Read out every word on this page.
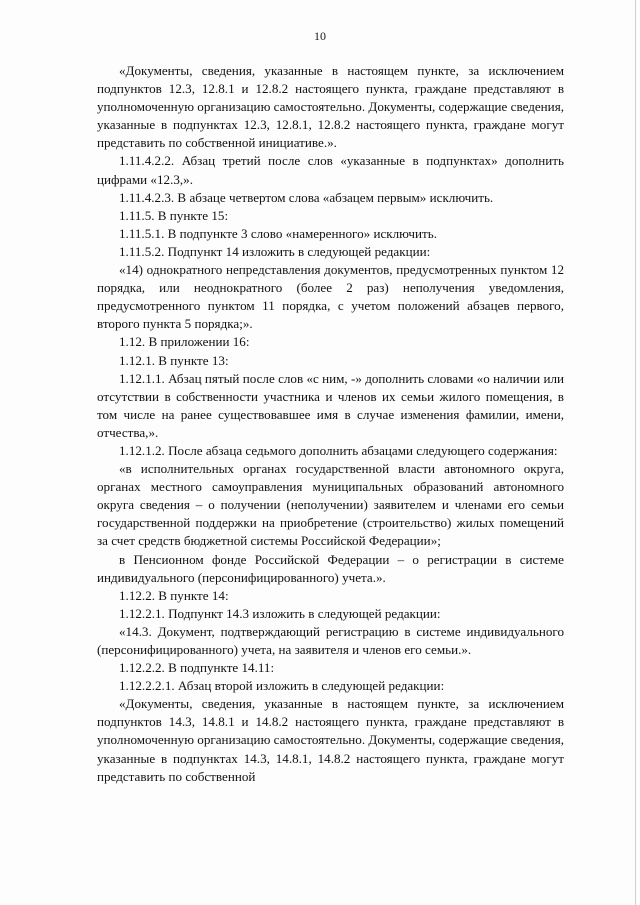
10

«Документы, сведения, указанные в настоящем пункте, за исключением подпунктов 12.3, 12.8.1 и 12.8.2 настоящего пункта, граждане представляют в уполномоченную организацию самостоятельно. Документы, содержащие сведения, указанные в подпунктах 12.3, 12.8.1, 12.8.2 настоящего пункта, граждане могут представить по собственной инициативе.».

1.11.4.2.2. Абзац третий после слов «указанные в подпунктах» дополнить цифрами «12.3,».

1.11.4.2.3. В абзаце четвертом слова «абзацем первым» исключить.

1.11.5. В пункте 15:

1.11.5.1. В подпункте 3 слово «намеренного» исключить.

1.11.5.2. Подпункт 14 изложить в следующей редакции:

«14) однократного непредставления документов, предусмотренных пунктом 12 порядка, или неоднократного (более 2 раз) неполучения уведомления, предусмотренного пунктом 11 порядка, с учетом положений абзацев первого, второго пункта 5 порядка;».

1.12. В приложении 16:

1.12.1. В пункте 13:

1.12.1.1. Абзац пятый после слов «с ним, -» дополнить словами «о наличии или отсутствии в собственности участника и членов их семьи жилого помещения, в том числе на ранее существовавшее имя в случае изменения фамилии, имени, отчества,».

1.12.1.2. После абзаца седьмого дополнить абзацами следующего содержания:

«в исполнительных органах государственной власти автономного округа, органах местного самоуправления муниципальных образований автономного округа сведения – о получении (неполучении) заявителем и членами его семьи государственной поддержки на приобретение (строительство) жилых помещений за счет средств бюджетной системы Российской Федерации»;

в Пенсионном фонде Российской Федерации – о регистрации в системе индивидуального (персонифицированного) учета.».

1.12.2. В пункте 14:

1.12.2.1. Подпункт 14.3 изложить в следующей редакции:

«14.3. Документ, подтверждающий регистрацию в системе индивидуального (персонифицированного) учета, на заявителя и членов его семьи.».

1.12.2.2. В подпункте 14.11:

1.12.2.2.1. Абзац второй изложить в следующей редакции:

«Документы, сведения, указанные в настоящем пункте, за исключением подпунктов 14.3, 14.8.1 и 14.8.2 настоящего пункта, граждане представляют в уполномоченную организацию самостоятельно. Документы, содержащие сведения, указанные в подпунктах 14.3, 14.8.1, 14.8.2 настоящего пункта, граждане могут представить по собственной
